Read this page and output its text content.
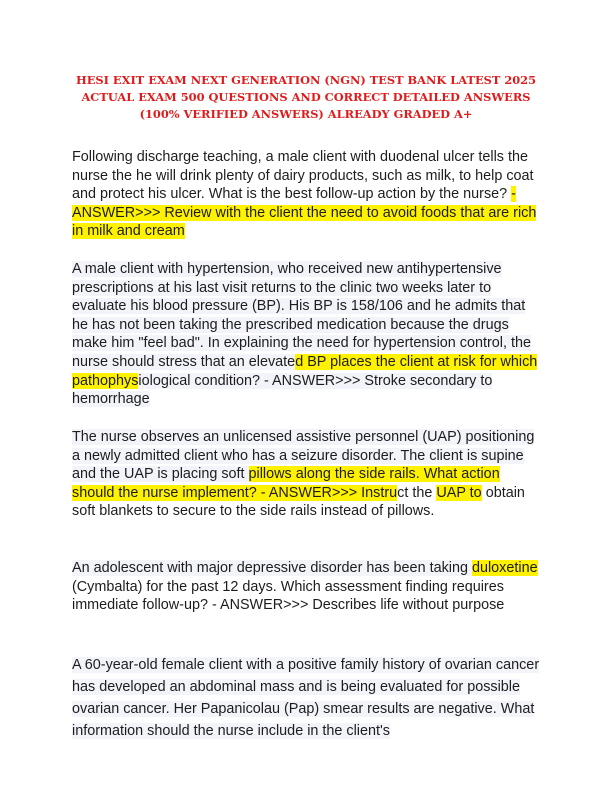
HESI EXIT EXAM NEXT GENERATION (NGN) TEST BANK LATEST 2025 ACTUAL EXAM 500 QUESTIONS AND CORRECT DETAILED ANSWERS (100% VERIFIED ANSWERS) ALREADY GRADED A+

Following discharge teaching, a male client with duodenal ulcer tells the nurse the he will drink plenty of dairy products, such as milk, to help coat and protect his ulcer. What is the best follow-up action by the nurse? - ANSWER>>> Review with the client the need to avoid foods that are rich in milk and cream

A male client with hypertension, who received new antihypertensive prescriptions at his last visit returns to the clinic two weeks later to evaluate his blood pressure (BP). His BP is 158/106 and he admits that he has not been taking the prescribed medication because the drugs make him "feel bad". In explaining the need for hypertension control, the nurse should stress that an elevated BP places the client at risk for which pathophysiological condition? - ANSWER>>> Stroke secondary to hemorrhage

The nurse observes an unlicensed assistive personnel (UAP) positioning a newly admitted client who has a seizure disorder. The client is supine and the UAP is placing soft pillows along the side rails. What action should the nurse implement? - ANSWER>>> Instruct the UAP to obtain soft blankets to secure to the side rails instead of pillows.

An adolescent with major depressive disorder has been taking duloxetine (Cymbalta) for the past 12 days. Which assessment finding requires immediate follow-up? - ANSWER>>> Describes life without purpose

A 60-year-old female client with a positive family history of ovarian cancer has developed an abdominal mass and is being evaluated for possible ovarian cancer. Her Papanicolau (Pap) smear results are negative. What information should the nurse include in the client's
